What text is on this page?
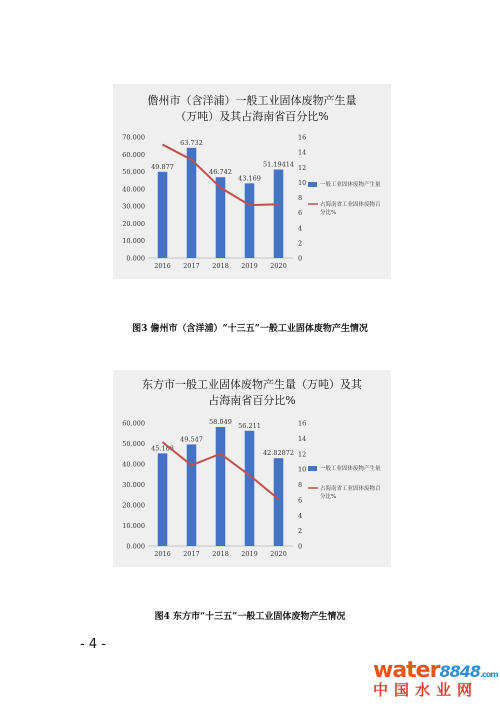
儋州市（含洋浦）一般工业固体废物产生量
（万吨）及其占海南省百分比%
0.000
10.000
20.000
30.000
40.000
50.000
60.000
70.000
0
2
4
6
8
10
12
14
16
49.877
2016
63.732
2017
46.742
2018
43.169
2019
51.19414
2020
一般工业固体废物产生量
占海南省工业固体废物百
分比%
图3 儋州市（含洋浦）“十三五”一般工业固体废物产生情况
东方市一般工业固体废物产生量（万吨）及其
占海南省百分比%
0.000
10.000
20.000
30.000
40.000
50.000
60.000
0
2
4
6
8
10
12
14
16
45.188
2016
49.547
2017
58.049
2018
56.211
2019
42.82872
2020
一般工业固体废物产生量
占海南省工业固体废物百
分比%
图4 东方市“十三五”一般工业固体废物产生情况
- 4 -
water8848.com
中国水业网
